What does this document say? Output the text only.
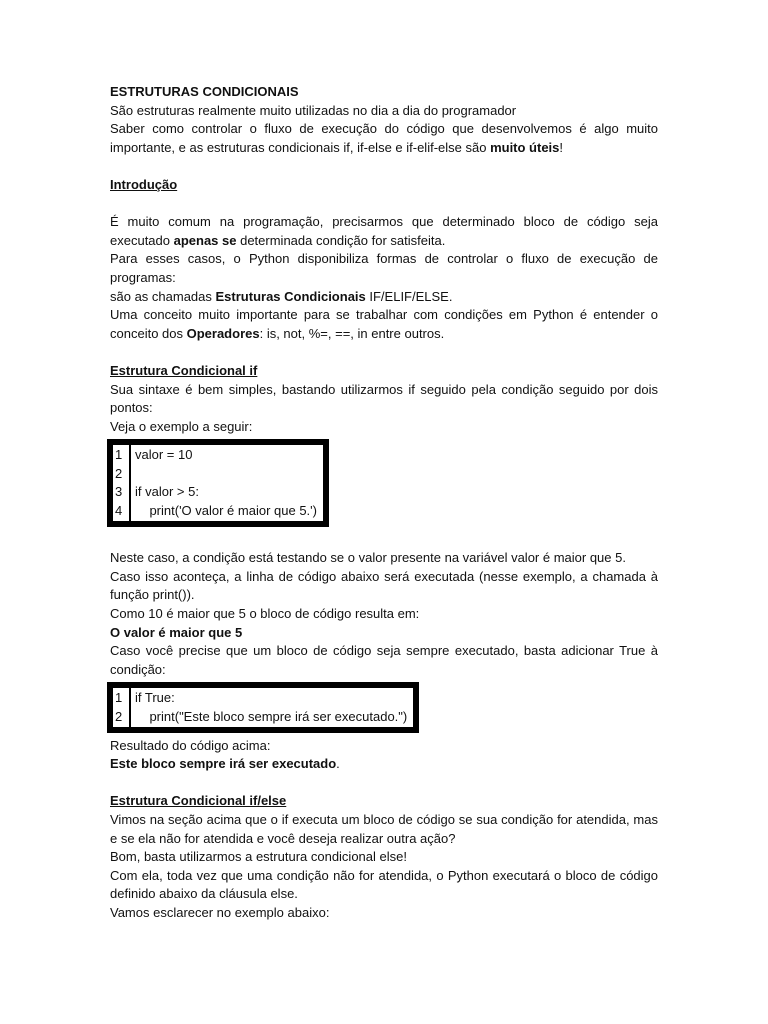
ESTRUTURAS CONDICIONAIS

São estruturas realmente muito utilizadas no dia a dia do programador

Saber como controlar o fluxo de execução do código que desenvolvemos é algo muito importante, e as estruturas condicionais if, if-else e if-elif-else são muito úteis!

Introdução

É muito comum na programação, precisarmos que determinado bloco de código seja executado apenas se determinada condição for satisfeita.

Para esses casos, o Python disponibiliza formas de controlar o fluxo de execução de programas:

são as chamadas Estruturas Condicionais IF/ELIF/ELSE.

Uma conceito muito importante para se trabalhar com condições em Python é entender o conceito dos Operadores: is, not, %=, ==, in entre outros.

Estrutura Condicional if

Sua sintaxe é bem simples, bastando utilizarmos if seguido pela condição seguido por dois pontos:

Veja o exemplo a seguir:

1 valor = 10
2
3 if valor > 5:
4 print('O valor é maior que 5.')

Neste caso, a condição está testando se o valor presente na variável valor é maior que 5.

Caso isso aconteça, a linha de código abaixo será executada (nesse exemplo, a chamada à função print()).

Como 10 é maior que 5 o bloco de código resulta em:

O valor é maior que 5

Caso você precise que um bloco de código seja sempre executado, basta adicionar True à condição:

1 if True:
2 print("Este bloco sempre irá ser executado.")

Resultado do código acima:

Este bloco sempre irá ser executado.

Estrutura Condicional if/else

Vimos na seção acima que o if executa um bloco de código se sua condição for atendida, mas e se ela não for atendida e você deseja realizar outra ação?

Bom, basta utilizarmos a estrutura condicional else!

Com ela, toda vez que uma condição não for atendida, o Python executará o bloco de código definido abaixo da cláusula else.

Vamos esclarecer no exemplo abaixo:
